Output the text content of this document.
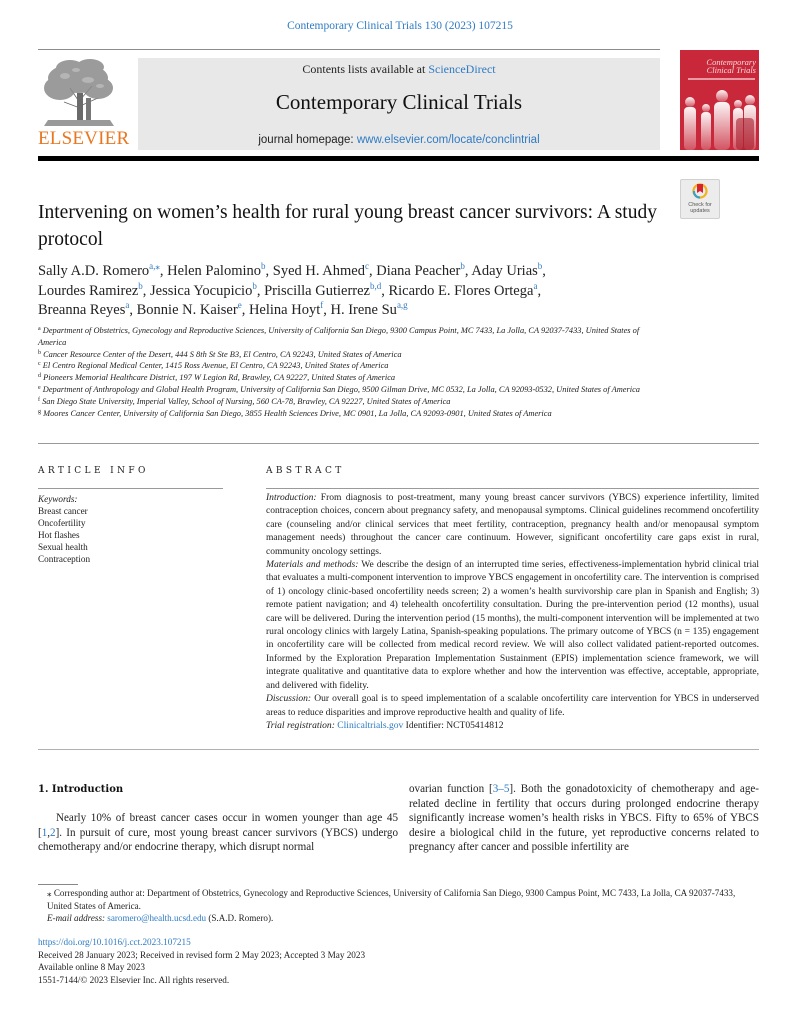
Contemporary Clinical Trials 130 (2023) 107215
ELSEVIER
Contents lists available at ScienceDirect
Contemporary Clinical Trials
journal homepage: www.elsevier.com/locate/conclintrial
Contemporary
Clinical Trials
Check for
updates
Intervening on women’s health for rural young breast cancer survivors: A study protocol
Sally A.D. Romero$^{a,⁎}$, Helen Palomino$^b$, Syed H. Ahmed$^c$, Diana Peacher$^b$, Aday Urias$^b$,
Lourdes Ramirez$^b$, Jessica Yocupicio$^b$, Priscilla Gutierrez$^{b,d}$, Ricardo E. Flores Ortega$^a$,
Breanna Reyes$^a$, Bonnie N. Kaiser$^e$, Helina Hoyt$^f$, H. Irene Su$^{a,g}$
$^a$ Department of Obstetrics, Gynecology and Reproductive Sciences, University of California San Diego, 9300 Campus Point, MC 7433, La Jolla, CA 92037-7433, United States of America
$^b$ Cancer Resource Center of the Desert, 444 S 8th St Ste B3, El Centro, CA 92243, United States of America
$^c$ El Centro Regional Medical Center, 1415 Ross Avenue, El Centro, CA 92243, United States of America
$^d$ Pioneers Memorial Healthcare District, 197 W Legion Rd, Brawley, CA 92227, United States of America
$^e$ Department of Anthropology and Global Health Program, University of California San Diego, 9500 Gilman Drive, MC 0532, La Jolla, CA 92093-0532, United States of America
$^f$ San Diego State University, Imperial Valley, School of Nursing, 560 CA-78, Brawley, CA 92227, United States of America
$^g$ Moores Cancer Center, University of California San Diego, 3855 Health Sciences Drive, MC 0901, La Jolla, CA 92093-0901, United States of America
ARTICLE INFO
Keywords:
Breast cancer
Oncofertility
Hot flashes
Sexual health
Contraception
ABSTRACT

Introduction: From diagnosis to post-treatment, many young breast cancer survivors (YBCS) experience infertility, limited contraception choices, concern about pregnancy safety, and menopausal symptoms. Clinical guidelines recommend oncofertility care (counseling and/or clinical services that meet fertility, contraception, pregnancy health and/or menopausal symptom management needs) throughout the cancer care continuum. However, significant oncofertility care gaps exist in rural, community oncology settings.

Materials and methods: We describe the design of an interrupted time series, effectiveness-implementation hybrid clinical trial that evaluates a multi-component intervention to improve YBCS engagement in oncofertility care. The intervention is comprised of 1) oncology clinic-based oncofertility needs screen; 2) a women’s health survivorship care plan in Spanish and English; 3) remote patient navigation; and 4) telehealth oncofertility consultation. During the pre-intervention period (12 months), usual care will be delivered. During the intervention period (15 months), the multi-component intervention will be implemented at two rural oncology clinics with largely Latina, Spanish-speaking populations. The primary outcome of YBCS (n = 135) engagement in oncofertility care will be collected from medical record review. We will also collect validated patient-reported outcomes. Informed by the Exploration Preparation Implementation Sustainment (EPIS) implementation science framework, we will integrate qualitative and quantitative data to explore whether and how the intervention was effective, acceptable, appropriate, and delivered with fidelity.

Discussion: Our overall goal is to speed implementation of a scalable oncofertility care intervention for YBCS in underserved areas to reduce disparities and improve reproductive health and quality of life.

Trial registration: Clinicaltrials.gov Identifier: NCT05414812

1. Introduction
Nearly 10% of breast cancer cases occur in women younger than age 45 [1,2]. In pursuit of cure, most young breast cancer survivors (YBCS) undergo chemotherapy and/or endocrine therapy, which disrupt normal
ovarian function [3–5]. Both the gonadotoxicity of chemotherapy and age-related decline in fertility that occurs during prolonged endocrine therapy significantly increase women’s health risks in YBCS. Fifty to 65% of YBCS desire a biological child in the future, yet reproductive concerns related to pregnancy after cancer and possible infertility are
⁎ Corresponding author at: Department of Obstetrics, Gynecology and Reproductive Sciences, University of California San Diego, 9300 Campus Point, MC 7433, La Jolla, CA 92037-7433, United States of America.
E-mail address: saromero@health.ucsd.edu (S.A.D. Romero).
https://doi.org/10.1016/j.cct.2023.107215
Received 28 January 2023; Received in revised form 2 May 2023; Accepted 3 May 2023
Available online 8 May 2023
1551-7144/© 2023 Elsevier Inc. All rights reserved.
